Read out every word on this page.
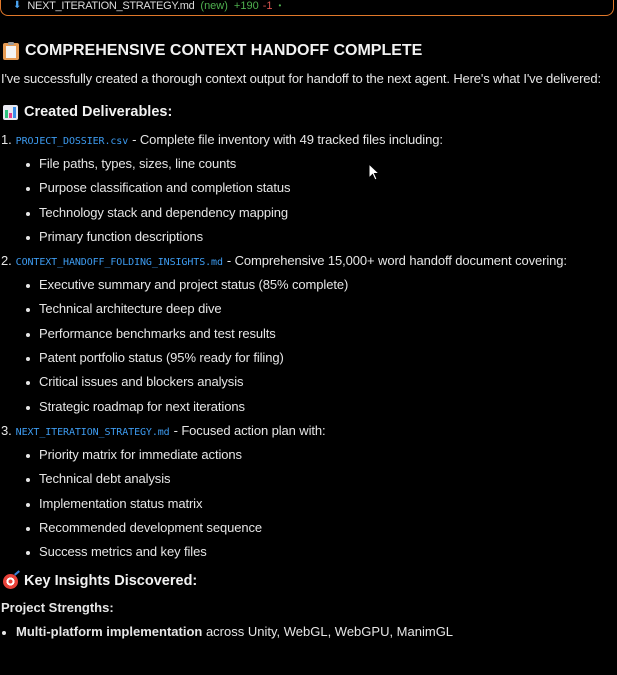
⬇ NEXT_ITERATION_STRATEGY.md (new) +190 -1 •
COMPREHENSIVE CONTEXT HANDOFF COMPLETE

I've successfully created a thorough context output for handoff to the next agent. Here's what I've delivered:

Created Deliverables:
1. PROJECT_DOSSIER.csv - Complete file inventory with 49 tracked files including:
File paths, types, sizes, line counts
Purpose classification and completion status
Technology stack and dependency mapping
Primary function descriptions
2. CONTEXT_HANDOFF_FOLDING_INSIGHTS.md - Comprehensive 15,000+ word handoff document covering:
Executive summary and project status (85% complete)
Technical architecture deep dive
Performance benchmarks and test results
Patent portfolio status (95% ready for filing)
Critical issues and blockers analysis
Strategic roadmap for next iterations
3. NEXT_ITERATION_STRATEGY.md - Focused action plan with:
Priority matrix for immediate actions
Technical debt analysis
Implementation status matrix
Recommended development sequence
Success metrics and key files
Key Insights Discovered:
Project Strengths:
Multi-platform implementation across Unity, WebGL, WebGPU, ManimGL
